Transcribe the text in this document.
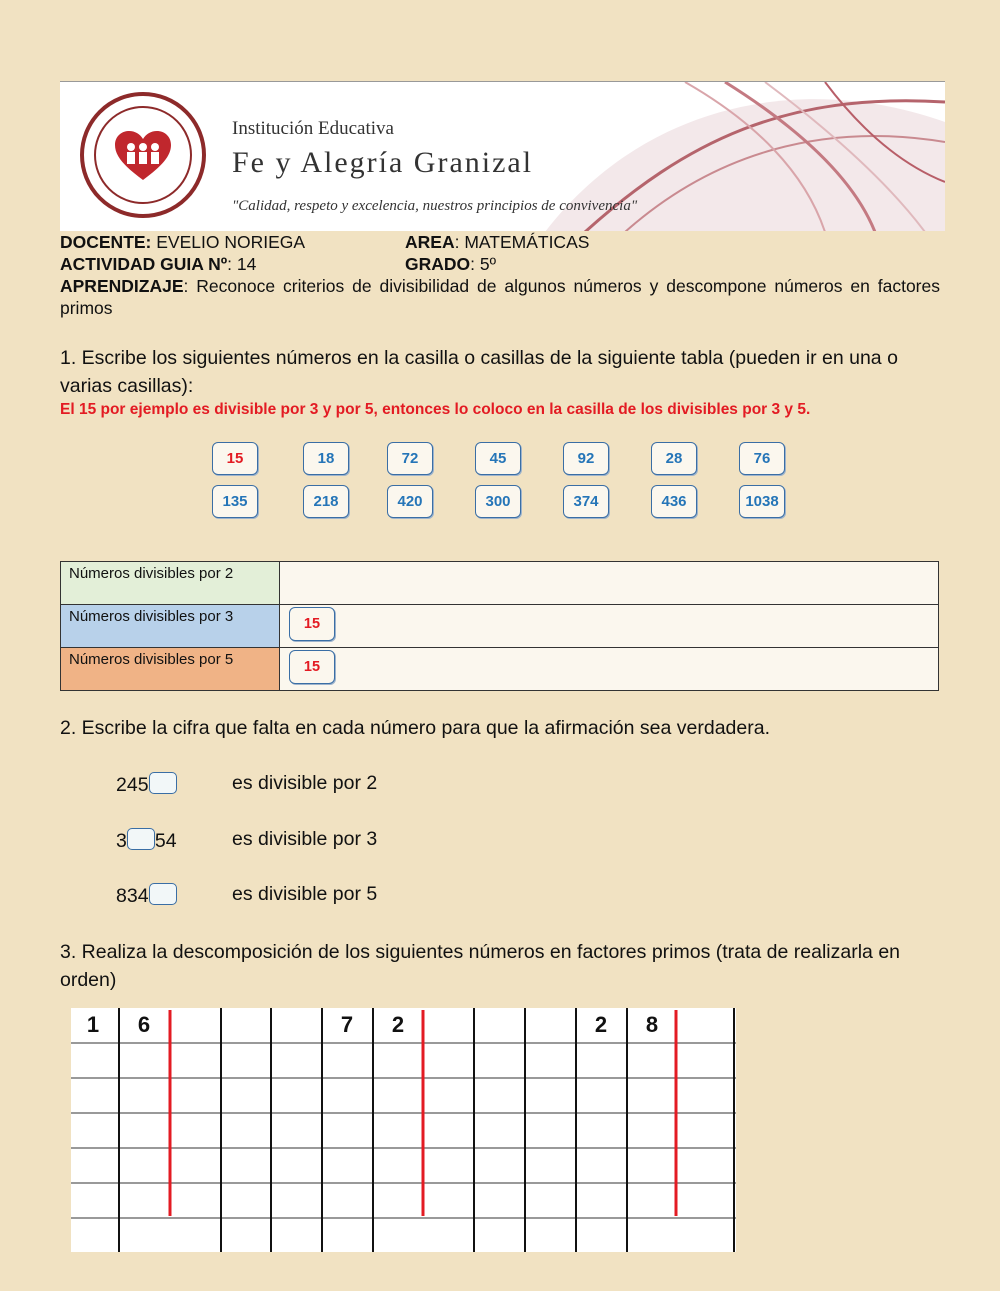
Institución Educativa
Fe y Alegría Granizal
"Calidad, respeto y excelencia, nuestros principios de convivencia"
DOCENTE: EVELIO NORIEGA	AREA: MATEMÁTICAS
ACTIVIDAD GUIA Nº: 14	GRADO: 5º
APRENDIZAJE: Reconoce criterios de divisibilidad de algunos números y descompone números en factores primos
1. Escribe los siguientes números en la casilla o casillas de la siguiente tabla (pueden ir en una o varias casillas):
El 15 por ejemplo es divisible por 3 y por 5, entonces lo coloco en la casilla de los divisibles por 3 y 5.
15	18	72	45	92	28	76
135	218	420	300	374	436	1038
Números divisibles por 2	
Números divisibles por 3	15

Números divisibles por 5	15
2. Escribe la cifra que falta en cada número para que la afirmación sea verdadera.
245	es divisible por 2
3 54	es divisible por 3
834	es divisible por 5
3. Realiza la descomposición de los siguientes números en factores primos (trata de realizarla en orden)
1	6	7	2	2	8
